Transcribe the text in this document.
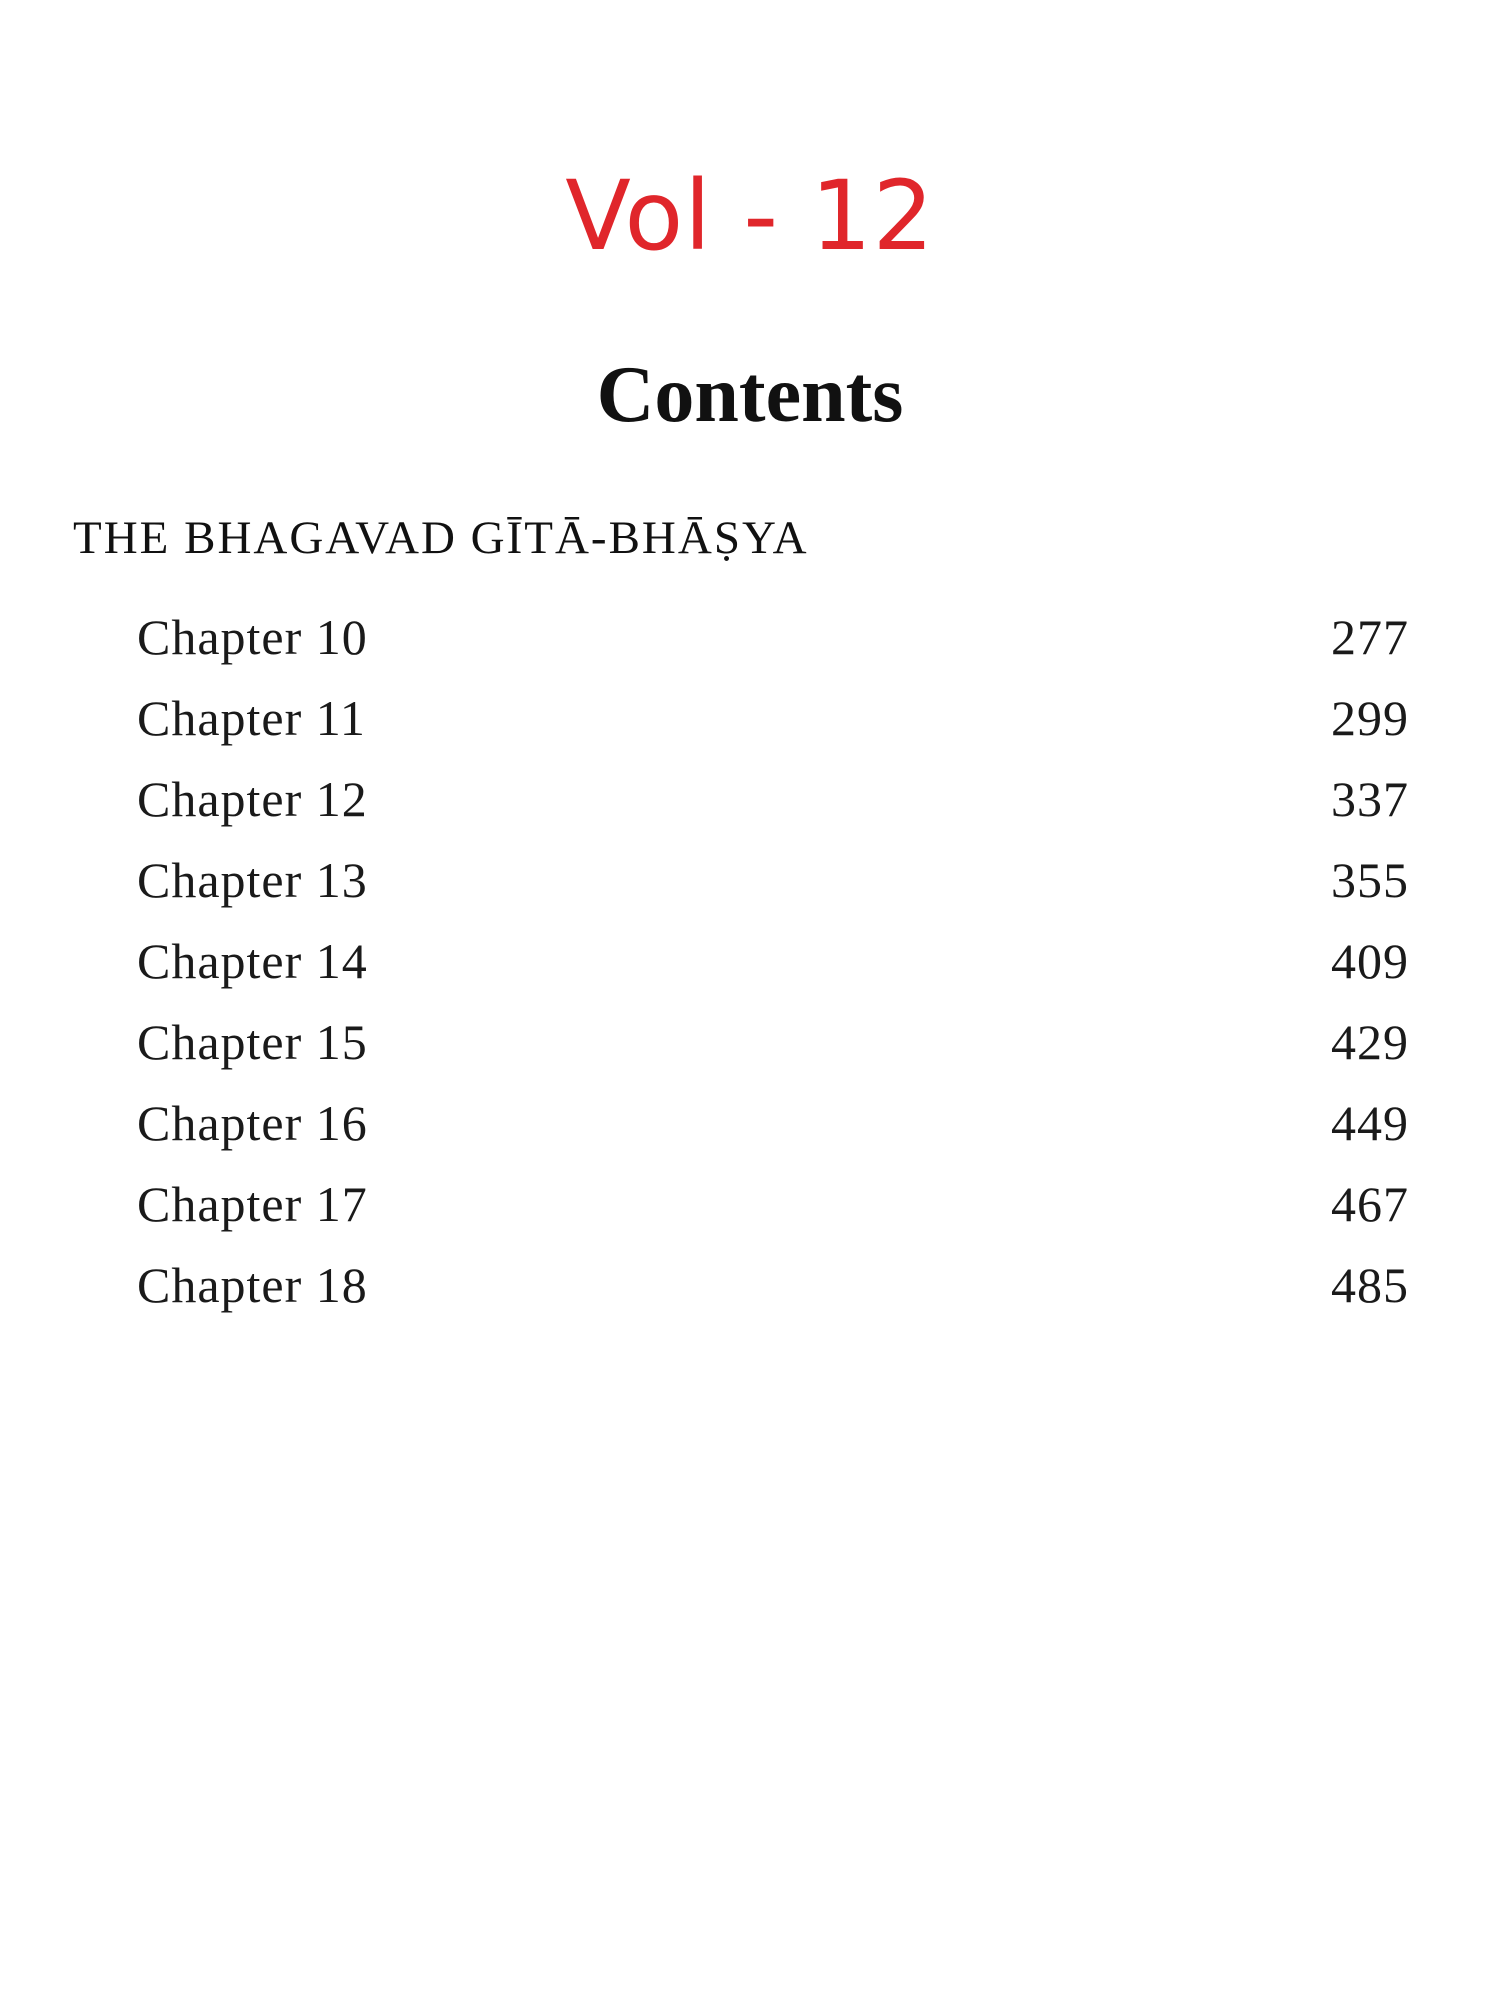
Vol - 12
Contents
THE BHAGAVAD GĪTĀ-BHĀṢYA
Chapter 10	277
Chapter 11	299
Chapter 12	337
Chapter 13	355
Chapter 14	409
Chapter 15	429
Chapter 16	449
Chapter 17	467
Chapter 18	485
